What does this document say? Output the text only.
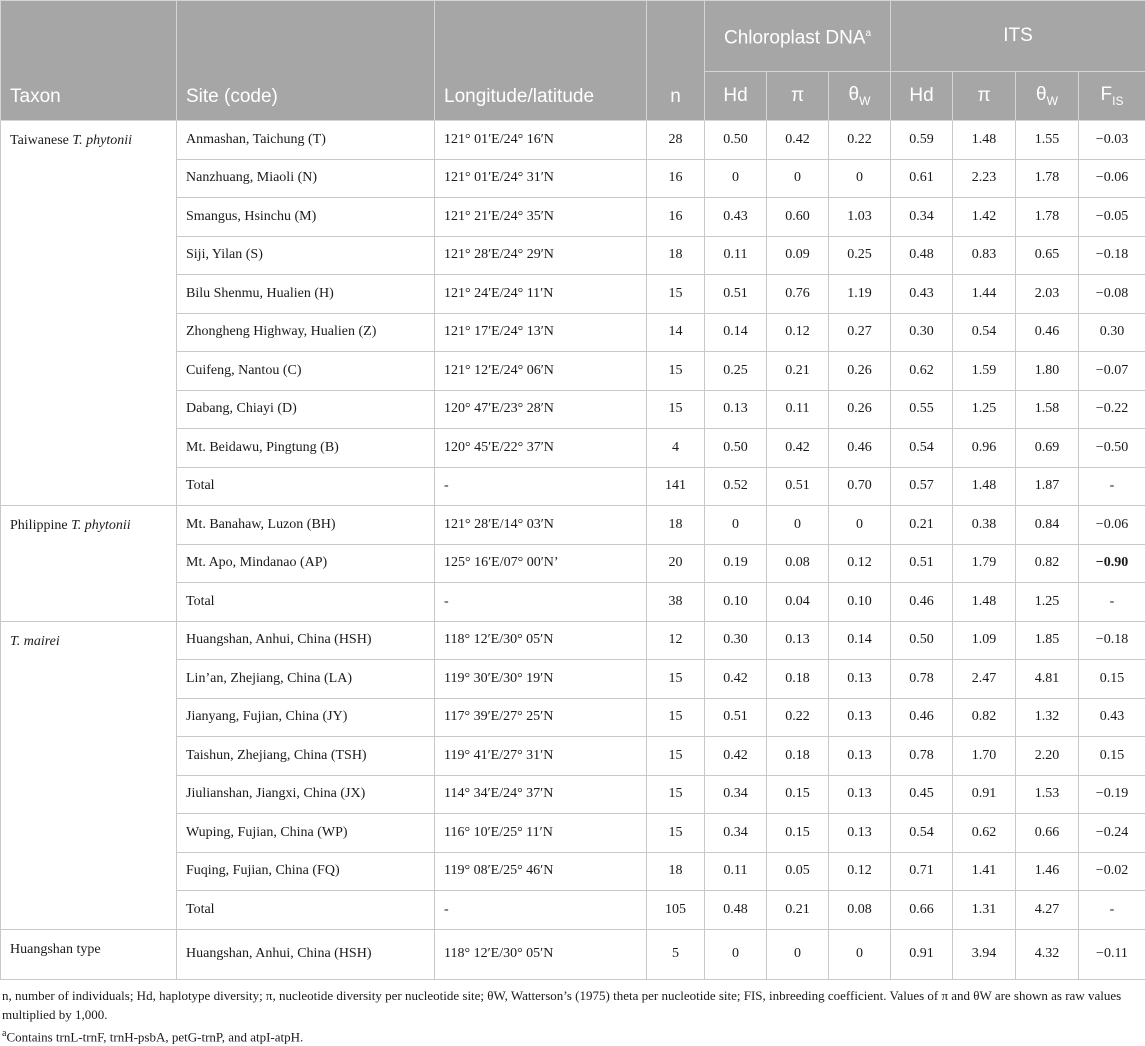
Taxon	Site (code)	Longitude/latitude	n	Chloroplast DNA$^a$			ITS			
				Hd	π	$\theta_W$	Hd	π	$\theta_W$	$F_{IS}$
Taiwanese T. phytonii	Anmashan, Taichung (T)	121° 01′E/24° 16′N	28	0.50	0.42	0.22	0.59	1.48	1.55	−0.03
	Nanzhuang, Miaoli (N)	121° 01′E/24° 31′N	16	0	0	0	0.61	2.23	1.78	−0.06
	Smangus, Hsinchu (M)	121° 21′E/24° 35′N	16	0.43	0.60	1.03	0.34	1.42	1.78	−0.05
	Siji, Yilan (S)	121° 28′E/24° 29′N	18	0.11	0.09	0.25	0.48	0.83	0.65	−0.18
	Bilu Shenmu, Hualien (H)	121° 24′E/24° 11′N	15	0.51	0.76	1.19	0.43	1.44	2.03	−0.08
	Zhongheng Highway, Hualien (Z)	121° 17′E/24° 13′N	14	0.14	0.12	0.27	0.30	0.54	0.46	0.30
	Cuifeng, Nantou (C)	121° 12′E/24° 06′N	15	0.25	0.21	0.26	0.62	1.59	1.80	−0.07
	Dabang, Chiayi (D)	120° 47′E/23° 28′N	15	0.13	0.11	0.26	0.55	1.25	1.58	−0.22
	Mt. Beidawu, Pingtung (B)	120° 45′E/22° 37′N	4	0.50	0.42	0.46	0.54	0.96	0.69	−0.50
	Total	-	141	0.52	0.51	0.70	0.57	1.48	1.87	-
Philippine T. phytonii	Mt. Banahaw, Luzon (BH)	121° 28′E/14° 03′N	18	0	0	0	0.21	0.38	0.84	−0.06
	Mt. Apo, Mindanao (AP)	125° 16′E/07° 00′N’	20	0.19	0.08	0.12	0.51	1.79	0.82	−0.90
	Total	-	38	0.10	0.04	0.10	0.46	1.48	1.25	-
T. mairei	Huangshan, Anhui, China (HSH)	118° 12′E/30° 05′N	12	0.30	0.13	0.14	0.50	1.09	1.85	−0.18
	Lin’an, Zhejiang, China (LA)	119° 30′E/30° 19′N	15	0.42	0.18	0.13	0.78	2.47	4.81	0.15
	Jianyang, Fujian, China (JY)	117° 39′E/27° 25′N	15	0.51	0.22	0.13	0.46	0.82	1.32	0.43
	Taishun, Zhejiang, China (TSH)	119° 41′E/27° 31′N	15	0.42	0.18	0.13	0.78	1.70	2.20	0.15
	Jiulianshan, Jiangxi, China (JX)	114° 34′E/24° 37′N	15	0.34	0.15	0.13	0.45	0.91	1.53	−0.19
	Wuping, Fujian, China (WP)	116° 10′E/25° 11′N	15	0.34	0.15	0.13	0.54	0.62	0.66	−0.24
	Fuqing, Fujian, China (FQ)	119° 08′E/25° 46′N	18	0.11	0.05	0.12	0.71	1.41	1.46	−0.02
	Total	-	105	0.48	0.21	0.08	0.66	1.31	4.27	-
Huangshan type	Huangshan, Anhui, China (HSH)	118° 12′E/30° 05′N	5	0	0	0	0.91	3.94	4.32	−0.11

n, number of individuals; Hd, haplotype diversity; π, nucleotide diversity per nucleotide site; θW, Watterson’s (1975) theta per nucleotide site; FIS, inbreeding coefficient. Values of π and θW are shown as raw values multiplied by 1,000.

$^a$Contains trnL-trnF, trnH-psbA, petG-trnP, and atpI-atpH.
